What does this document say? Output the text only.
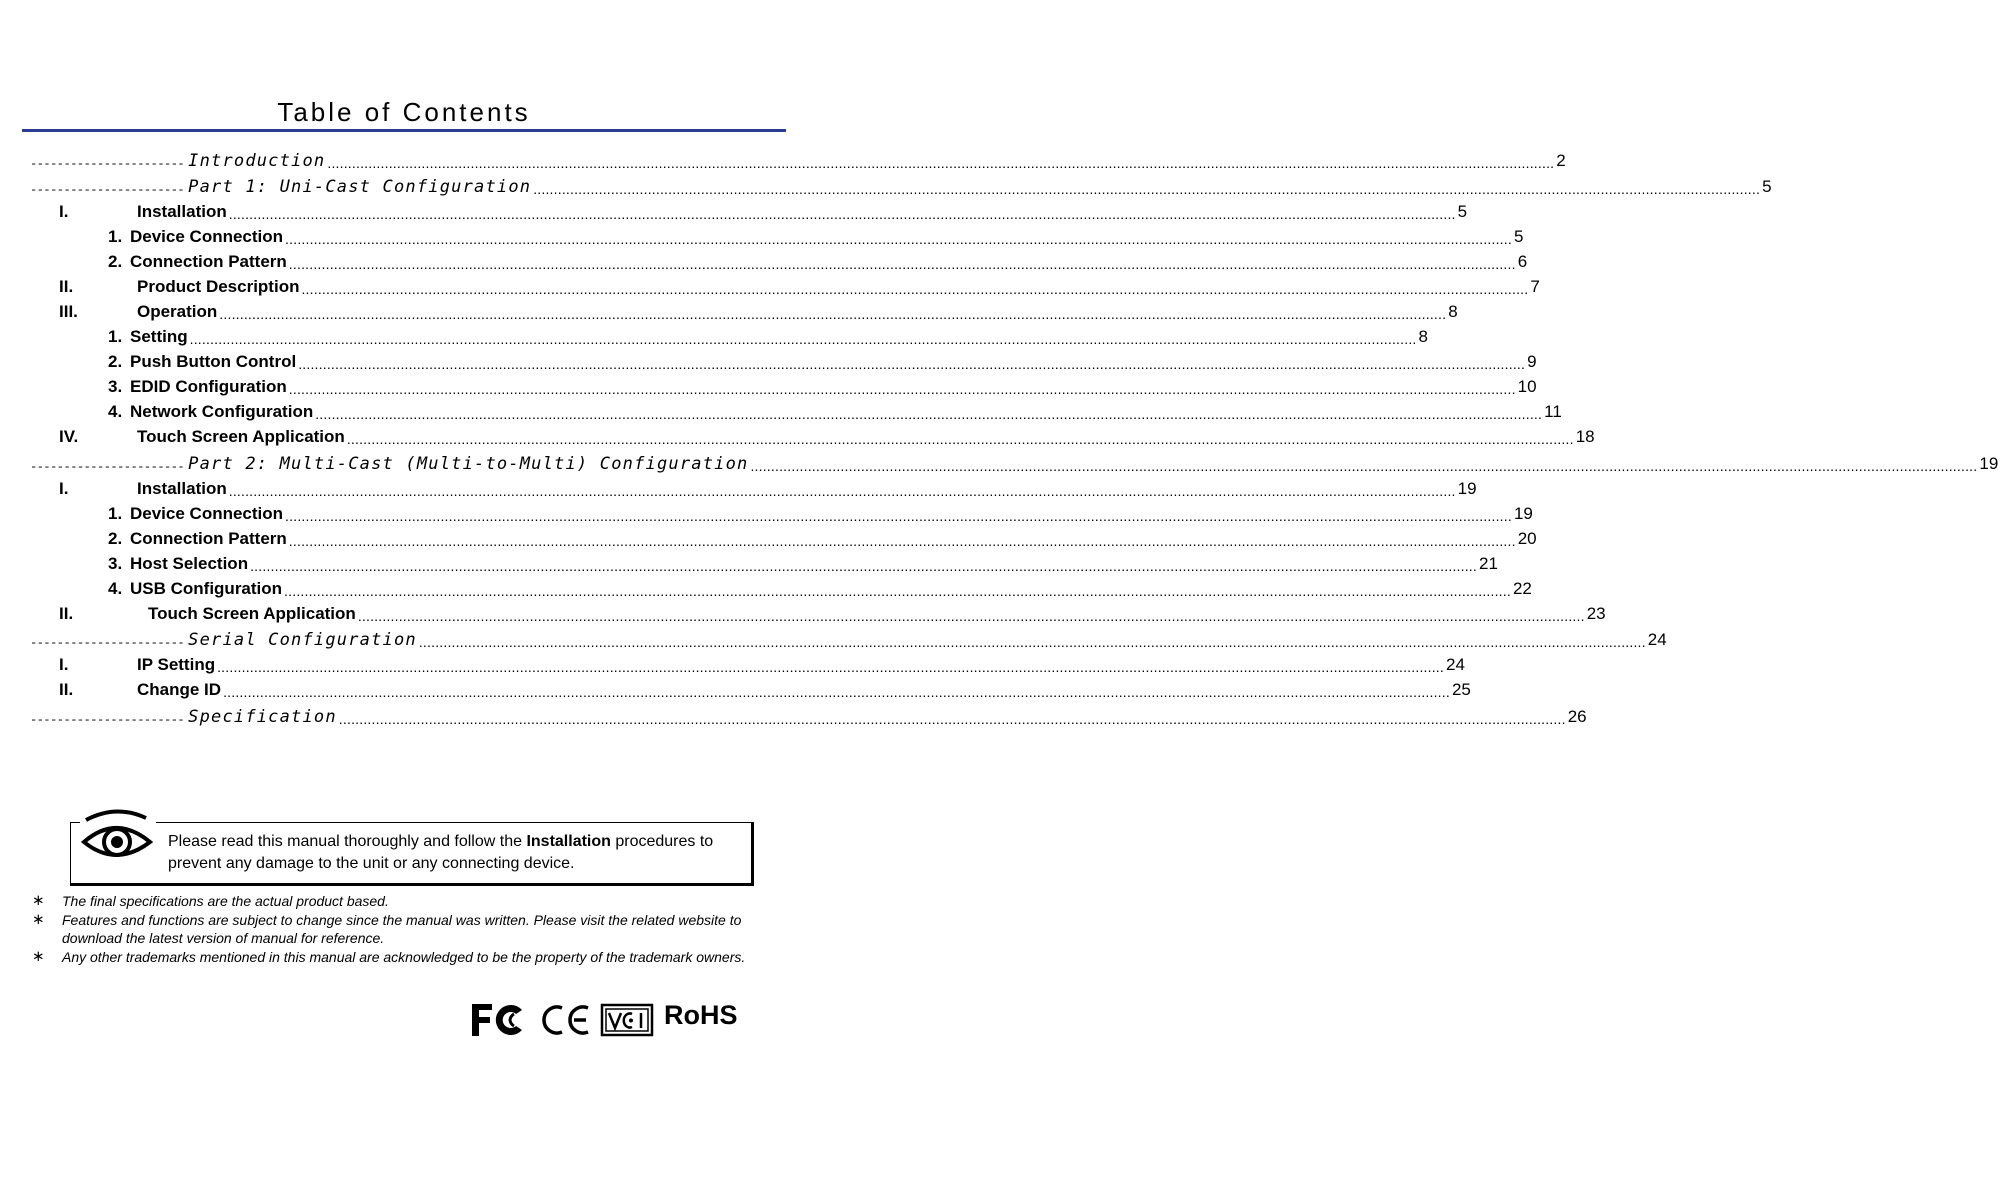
Table of Contents
----------------------- Introduction ............................................................................................................................................................................................................................................................................................................ 2
----------------------- Part 1: Uni-Cast Configuration ............................................................................................................................................................................................................................................................................................................ 5
I.	Installation ............................................................................................................................................................................................................................................................................................................ 5
1. Device Connection ............................................................................................................................................................................................................................................................................................................ 5
2. Connection Pattern ............................................................................................................................................................................................................................................................................................................ 6
II.	Product Description ............................................................................................................................................................................................................................................................................................................ 7
III.	Operation ............................................................................................................................................................................................................................................................................................................ 8
1. Setting ............................................................................................................................................................................................................................................................................................................ 8
2. Push Button Control ............................................................................................................................................................................................................................................................................................................ 9
3. EDID Configuration ............................................................................................................................................................................................................................................................................................................ 10
4. Network Configuration ............................................................................................................................................................................................................................................................................................................ 11
IV.	Touch Screen Application ............................................................................................................................................................................................................................................................................................................ 18
----------------------- Part 2: Multi-Cast (Multi-to-Multi) Configuration ............................................................................................................................................................................................................................................................................................................ 19
I.	Installation ............................................................................................................................................................................................................................................................................................................ 19
1. Device Connection ............................................................................................................................................................................................................................................................................................................ 19
2. Connection Pattern ............................................................................................................................................................................................................................................................................................................ 20
3. Host Selection ............................................................................................................................................................................................................................................................................................................ 21
4. USB Configuration ............................................................................................................................................................................................................................................................................................................ 22
II.	Touch Screen Application ............................................................................................................................................................................................................................................................................................................ 23
----------------------- Serial Configuration ............................................................................................................................................................................................................................................................................................................ 24
I.	IP Setting ............................................................................................................................................................................................................................................................................................................ 24
II.	Change ID ............................................................................................................................................................................................................................................................................................................ 25
----------------------- Specification ............................................................................................................................................................................................................................................................................................................ 26
Please read this manual thoroughly and follow the Installation procedures to prevent any damage to the unit or any connecting device.
∗	The final specifications are the actual product based.
∗	Features and functions are subject to change since the manual was written. Please visit the related website to download the latest version of manual for reference.
∗	Any other trademarks mentioned in this manual are acknowledged to be the property of the trademark owners.
RoHS
